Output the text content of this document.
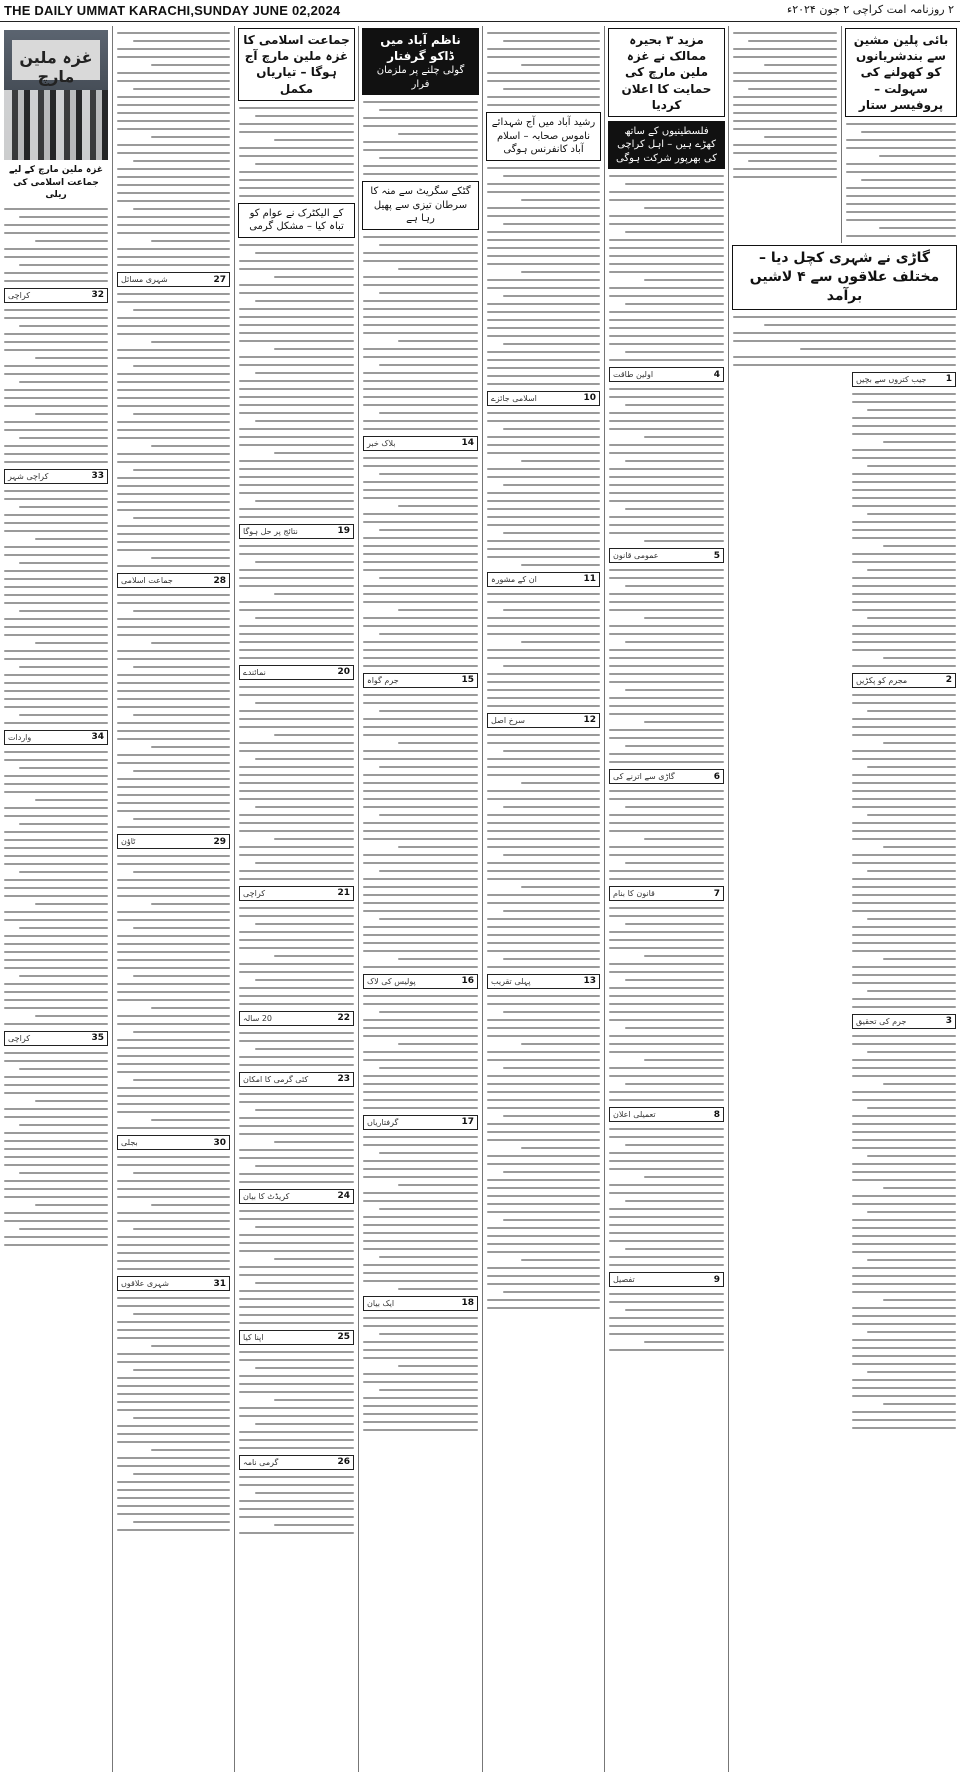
THE DAILY UMMAT KARACHI,SUNDAY JUNE 02,2024	۲ روزنامہ امت کراچی ۲ جون ۲۰۲۴ء
غزہ ملین مارچ
غزہ ملین مارچ کے لیے جماعت اسلامی کی ریلی
32
کراچی
33
کراچی شہر
34
واردات
35
کراچی
27
شہری مسائل
28
جماعت اسلامی
29
ٹاؤن
30
بجلی
31
شہری علاقوں
جماعت اسلامی کا غزہ ملین مارچ آج ہوگا – تیاریاں مکمل
کے الیکٹرک نے عوام کو تباہ کیا – مشکل گرمی
19
نتائج پر حل ہوگا
20
نمائندے
21
کراچی
22
20 سالہ
23
کئی گرمی کا امکان
24
کریڈٹ کا بیان
25
اپنا کیا
26
گرمی نامہ
ناظم آباد میں ڈاکو گرفتار
گولی چلنے پر ملزمان فرار
گٹکے سگریٹ سے منہ کا سرطان تیزی سے پھیل رہا ہے
14
بلاک خبر
15
جرم گواہ
16
پولیس کی لاک
17
گرفتاریاں
18
ایک بیان
رشید آباد میں آج شہدائے ناموس صحابہ – اسلام آباد کانفرنس ہوگی
10
اسلامی جائزے
11
ان کے مشورہ
12
سرخ اصل
13
پہلی تقریب
مزید ۳ بحیرہ ممالک نے غزہ ملین مارچ کی حمایت کا اعلان کردیا
فلسطینیوں کے ساتھ کھڑے ہیں – اہل کراچی کی بھرپور شرکت ہوگی
4
اولین طاقت
5
عمومی قانون
6
گاڑی سے اترنے کی
7
قانون کا بنام
8
تعمیلی اعلان
9
تفصیل
بائی پلین مشین سے بندشریانوں کو کھولنے کی سہولت – پروفیسر ستار
گاڑی نے شہری کچل دیا – مختلف علاقوں سے ۴ لاشیں برآمد
1
جیب کتروں سے بچیں
2
مجرم کو پکڑیں
3
جرم کی تحقیق
